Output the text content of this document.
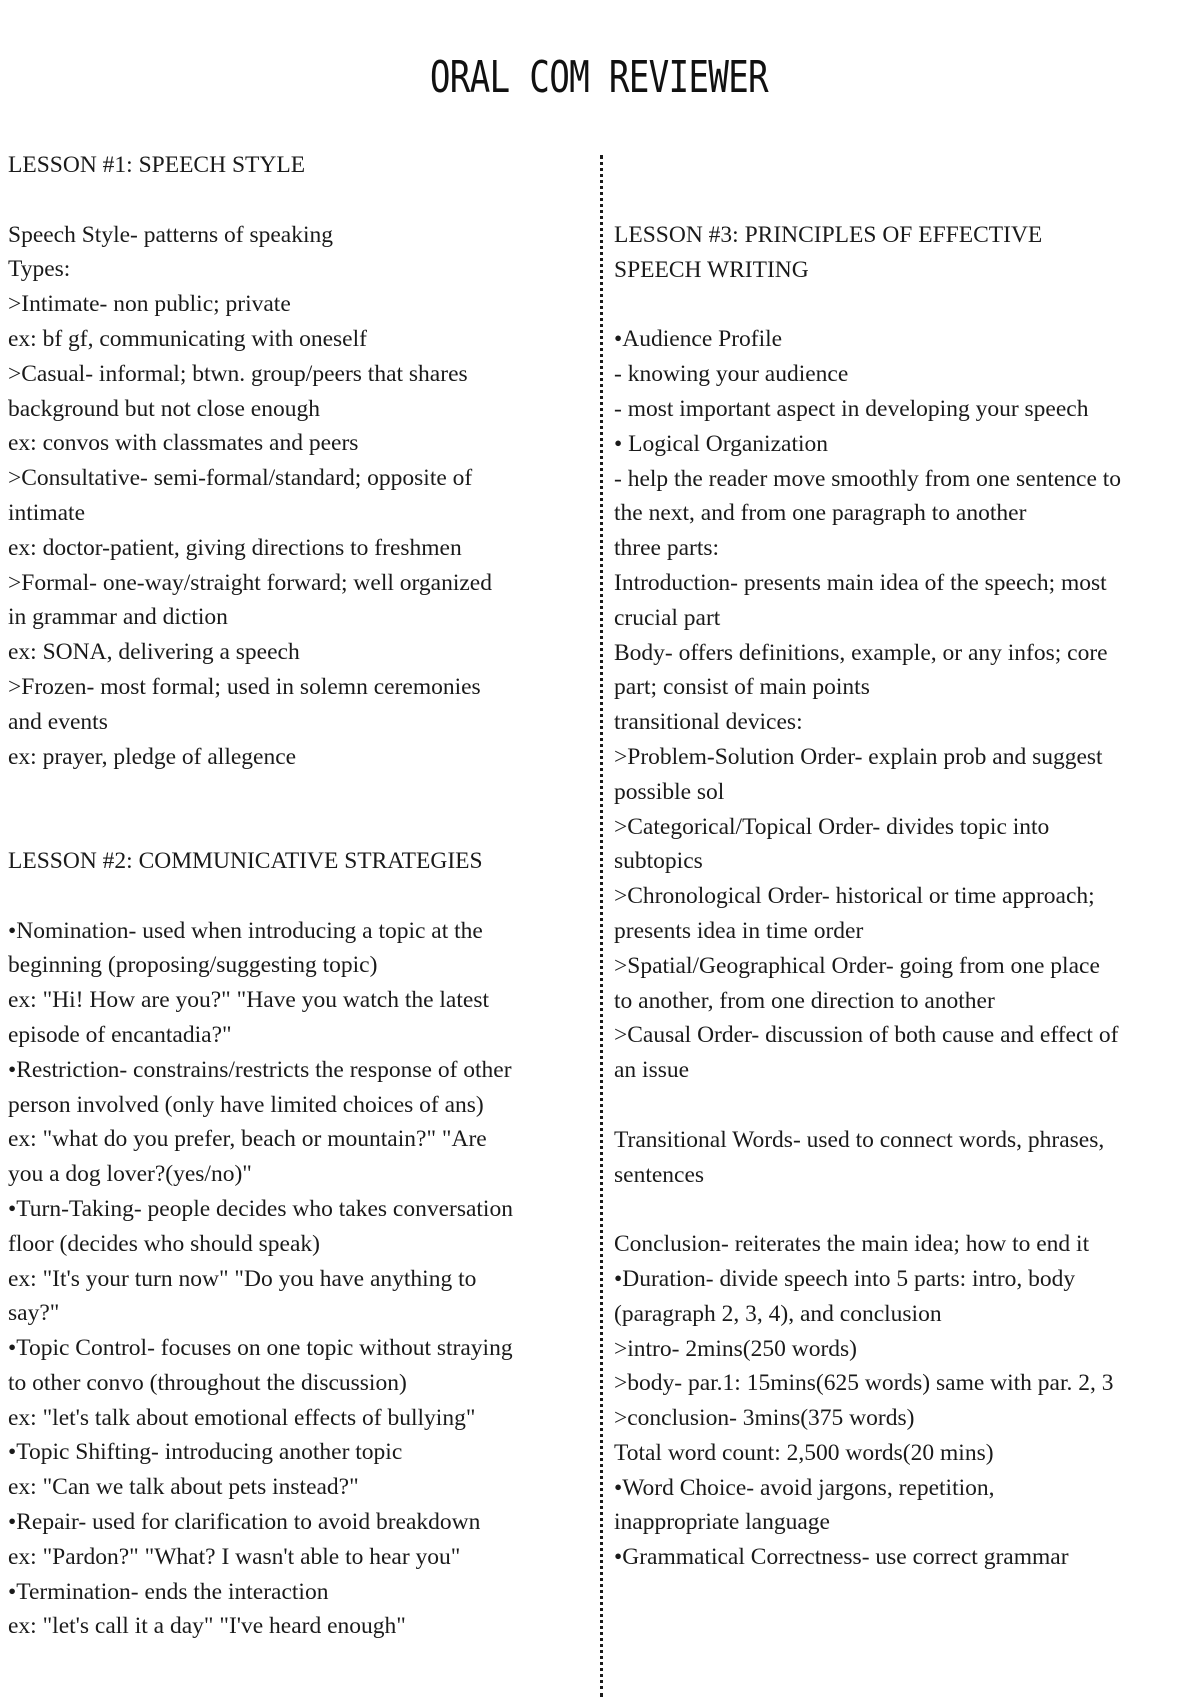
ORAL COM REVIEWER
LESSON #1: SPEECH STYLE
Speech Style- patterns of speaking
Types:
>Intimate- non public; private
ex: bf gf, communicating with oneself
>Casual- informal; btwn. group/peers that shares
background but not close enough
ex: convos with classmates and peers
>Consultative- semi-formal/standard; opposite of
intimate
ex: doctor-patient, giving directions to freshmen
>Formal- one-way/straight forward; well organized
in grammar and diction
ex: SONA, delivering a speech
>Frozen- most formal; used in solemn ceremonies
and events
ex: prayer, pledge of allegence
LESSON #2: COMMUNICATIVE STRATEGIES
•Nomination- used when introducing a topic at the
beginning (proposing/suggesting topic)
ex: "Hi! How are you?" "Have you watch the latest
episode of encantadia?"
•Restriction- constrains/restricts the response of other
person involved (only have limited choices of ans)
ex: "what do you prefer, beach or mountain?" "Are
you a dog lover?(yes/no)"
•Turn-Taking- people decides who takes conversation
floor (decides who should speak)
ex: "It's your turn now" "Do you have anything to
say?"
•Topic Control- focuses on one topic without straying
to other convo (throughout the discussion)
ex: "let's talk about emotional effects of bullying"
•Topic Shifting- introducing another topic
ex: "Can we talk about pets instead?"
•Repair- used for clarification to avoid breakdown
ex: "Pardon?" "What? I wasn't able to hear you"
•Termination- ends the interaction
ex: "let's call it a day" "I've heard enough"
LESSON #3: PRINCIPLES OF EFFECTIVE
SPEECH WRITING
•Audience Profile
- knowing your audience
- most important aspect in developing your speech
• Logical Organization
- help the reader move smoothly from one sentence to
the next, and from one paragraph to another
three parts:
Introduction- presents main idea of the speech; most
crucial part
Body- offers definitions, example, or any infos; core
part; consist of main points
transitional devices:
>Problem-Solution Order- explain prob and suggest
possible sol
>Categorical/Topical Order- divides topic into
subtopics
>Chronological Order- historical or time approach;
presents idea in time order
>Spatial/Geographical Order- going from one place
to another, from one direction to another
>Causal Order- discussion of both cause and effect of
an issue
Transitional Words- used to connect words, phrases,
sentences
Conclusion- reiterates the main idea; how to end it
•Duration- divide speech into 5 parts: intro, body
(paragraph 2, 3, 4), and conclusion
>intro- 2mins(250 words)
>body- par.1: 15mins(625 words) same with par. 2, 3
>conclusion- 3mins(375 words)
Total word count: 2,500 words(20 mins)
•Word Choice- avoid jargons, repetition,
inappropriate language
•Grammatical Correctness- use correct grammar
